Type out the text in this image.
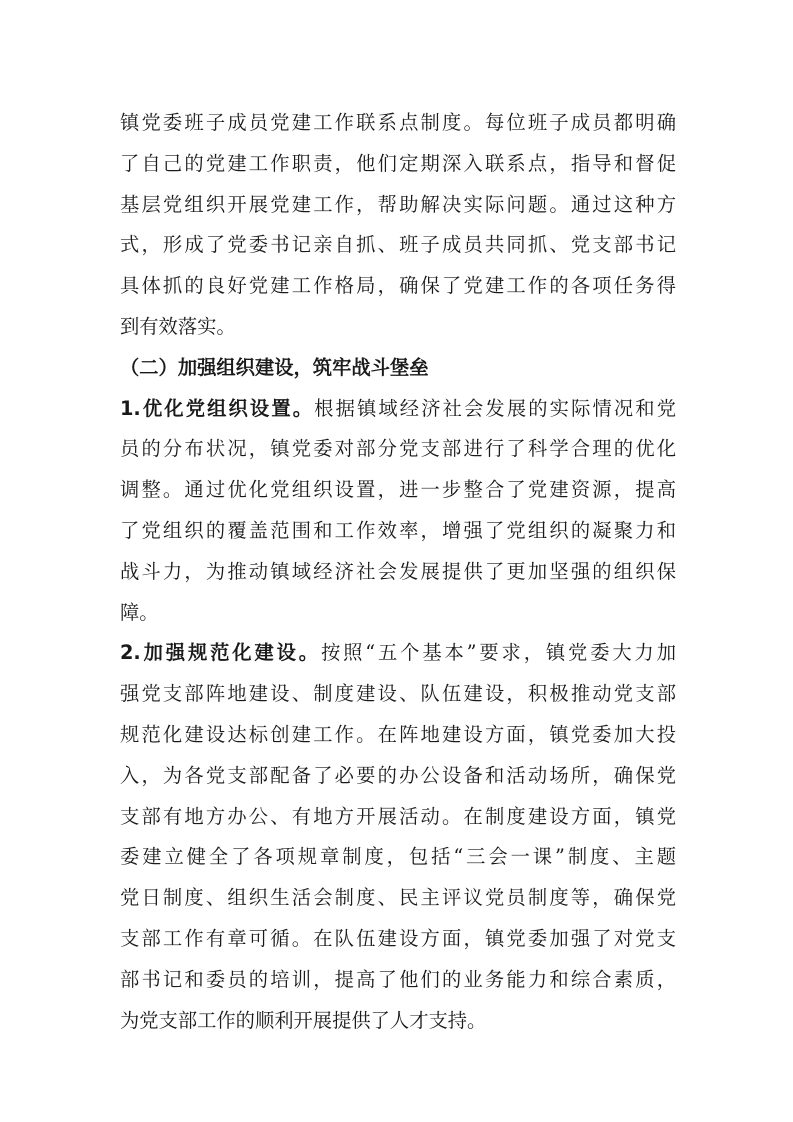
镇党委班子成员党建工作联系点制度。每位班子成员都明确
了自己的党建工作职责，他们定期深入联系点，指导和督促
基层党组织开展党建工作，帮助解决实际问题。通过这种方
式，形成了党委书记亲自抓、班子成员共同抓、党支部书记
具体抓的良好党建工作格局，确保了党建工作的各项任务得
到有效落实。
（二）加强组织建设，筑牢战斗堡垒
1.优化党组织设置。根据镇域经济社会发展的实际情况和党
员的分布状况，镇党委对部分党支部进行了科学合理的优化
调整。通过优化党组织设置，进一步整合了党建资源，提高
了党组织的覆盖范围和工作效率，增强了党组织的凝聚力和
战斗力，为推动镇域经济社会发展提供了更加坚强的组织保
障。
2.加强规范化建设。按照“五个基本”要求，镇党委大力加
强党支部阵地建设、制度建设、队伍建设，积极推动党支部
规范化建设达标创建工作。在阵地建设方面，镇党委加大投
入，为各党支部配备了必要的办公设备和活动场所，确保党
支部有地方办公、有地方开展活动。在制度建设方面，镇党
委建立健全了各项规章制度，包括“三会一课”制度、主题
党日制度、组织生活会制度、民主评议党员制度等，确保党
支部工作有章可循。在队伍建设方面，镇党委加强了对党支
部书记和委员的培训，提高了他们的业务能力和综合素质，
为党支部工作的顺利开展提供了人才支持。
